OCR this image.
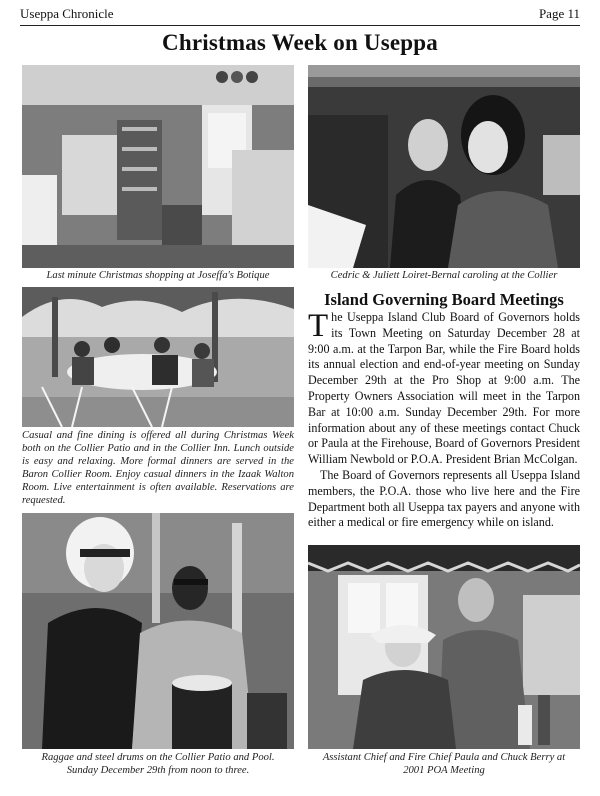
Useppa Chronicle	Page 11
Christmas Week on Useppa
Last minute Christmas shopping at Joseffa's Botique	Cedric & Juliett Loiret-Bernal caroling at the Collier
Casual and fine dining is offered all during Christmas Week both on the Collier Patio and in the Collier Inn. Lunch outside is easy and relaxing. More formal dinners are served in the Baron Collier Room. Enjoy casual dinners in the Izaak Walton Room. Live entertainment is often available. Reservations are requested.
Raggae and steel drums on the Collier Patio and Pool.
Sunday December 29th from noon to three.
Island Governing Board Meetings

The Useppa Island Club Board of Governors holds its Town Meeting on Saturday December 28 at 9:00 a.m. at the Tarpon Bar, while the Fire Board holds its annual election and end-of-year meeting on Sunday December 29th at the Pro Shop at 9:00 a.m. The Property Owners Association will meet in the Tarpon Bar at 10:00 a.m. Sunday December 29th. For more information about any of these meetings contact Chuck or Paula at the Firehouse, Board of Governors President William Newbold or P.O.A. President Brian McColgan.

The Board of Governors represents all Useppa Island members, the P.O.A. those who live here and the Fire Department both all Useppa tax payers and anyone with either a medical or fire emergency while on island.

Assistant Chief and Fire Chief Paula and Chuck Berry at
2001 POA Meeting
